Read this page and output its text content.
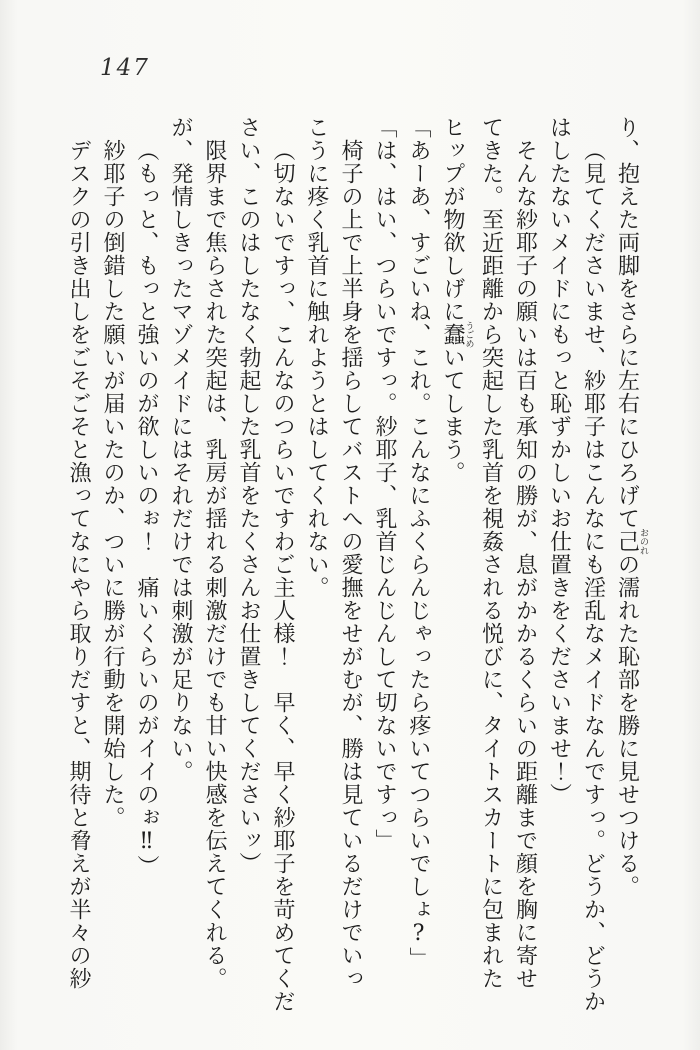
147
り、抱えた両脚をさらに左右にひろげて己おのれの濡れた恥部を勝に見せつける。
（見てくださいませ、紗耶子はこんなにも淫乱なメイドなんですっ。どうか、どうか
はしたないメイドにもっと恥ずかしいお仕置きをくださいませ！）
そんな紗耶子の願いは百も承知の勝が、息がかかるくらいの距離まで顔を胸に寄せ
てきた。至近距離から突起した乳首を視姦される悦びに、タイトスカートに包まれた
ヒップが物欲しげに蠢うごめいてしまう。
「あーあ、すごいね、これ。こんなにふくらんじゃったら疼いてつらいでしょ?」
「は、はい、つらいですっ。紗耶子、乳首じんじんして切ないですっ」
椅子の上で上半身を揺らしてバストへの愛撫をせがむが、勝は見ているだけでいっ
こうに疼く乳首に触れようとはしてくれない。
（切ないですっ、こんなのつらいですわご主人様！　早く、早く紗耶子を苛めてくだ
さい、このはしたなく勃起した乳首をたくさんお仕置きしてくださいッ）
限界まで焦らされた突起は、乳房が揺れる刺激だけでも甘い快感を伝えてくれる。
が、発情しきったマゾメイドにはそれだけでは刺激が足りない。
（もっと、もっと強いのが欲しいのぉ！　痛いくらいのがイイのぉ‼）
紗耶子の倒錯した願いが届いたのか、ついに勝が行動を開始した。
デスクの引き出しをごそごそと漁ってなにやら取りだすと、期待と脅えが半々の紗
